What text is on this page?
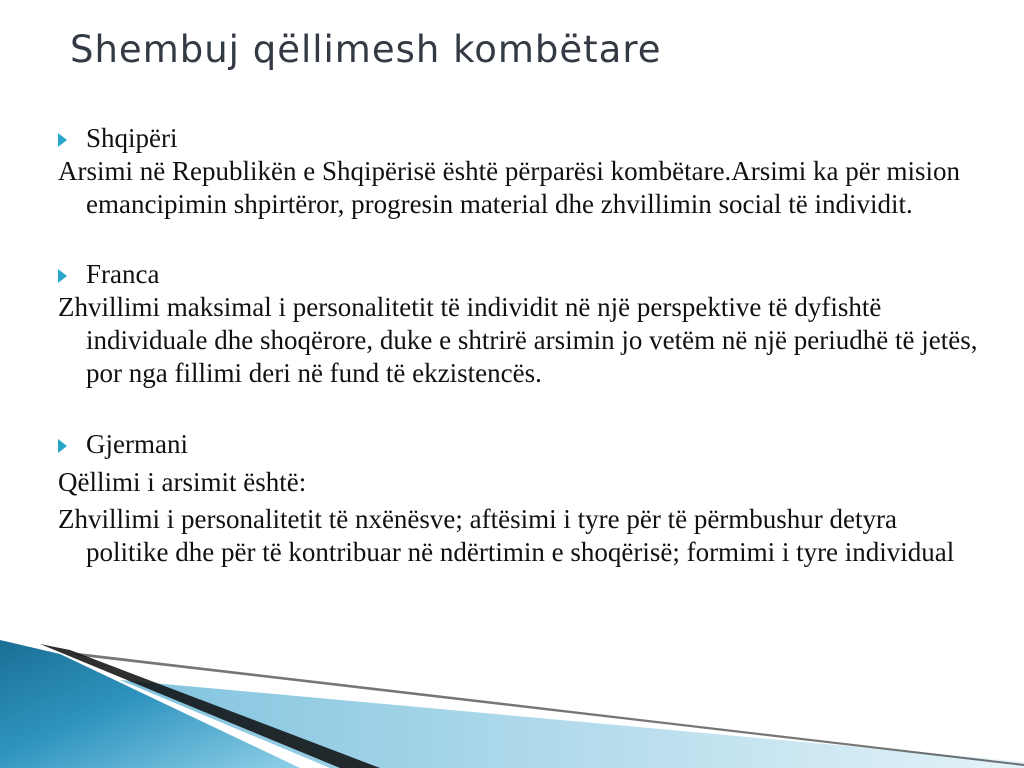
Shembuj qëllimesh kombëtare
Shqipëri
Arsimi në Republikën e Shqipërisë është përparësi kombëtare.Arsimi ka për mision emancipimin shpirtëror, progresin material dhe zhvillimin social të individit.
Franca
Zhvillimi maksimal i personalitetit të individit në një perspektive të dyfishtë individuale dhe shoqërore, duke e shtrirë arsimin jo vetëm në një periudhë të jetës, por nga fillimi deri në fund të ekzistencës.
Gjermani
Qëllimi i arsimit është:
Zhvillimi i personalitetit të nxënësve; aftësimi i tyre për të përmbushur detyra politike dhe për të kontribuar në ndërtimin e shoqërisë; formimi i tyre individual
